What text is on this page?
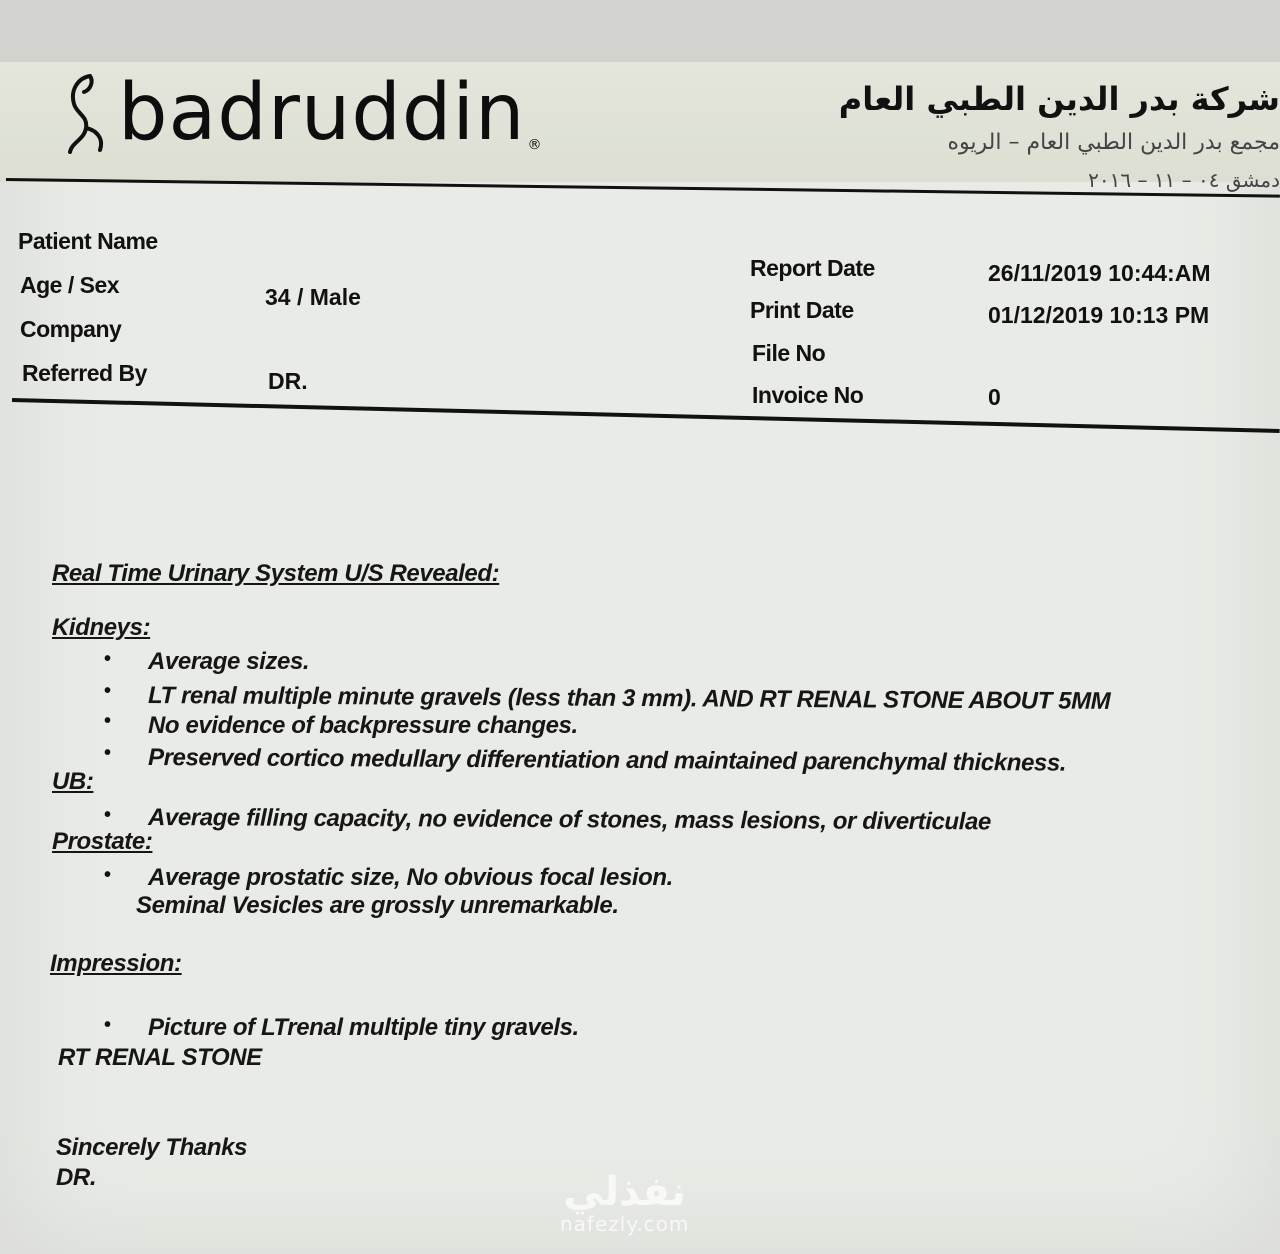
badruddin ®
شركة بدر الدين الطبي العام
مجمع بدر الدين الطبي العام – الريوه
دمشق ٠٤ – ١١ – ٢٠١٦
Patient Name
Age / Sex	34 / Male
Company
Referred By	DR.
Report Date	26/11/2019 10:44:AM
Print Date	01/12/2019 10:13 PM
File No
Invoice No	0
Real Time Urinary System U/S Revealed:
Kidneys:
• Average sizes.
• LT renal multiple minute gravels (less than 3 mm). AND RT RENAL STONE ABOUT 5MM
• No evidence of backpressure changes.
• Preserved cortico medullary differentiation and maintained parenchymal thickness.
UB:
• Average filling capacity, no evidence of stones, mass lesions, or diverticulae
Prostate:
• Average prostatic size, No obvious focal lesion.
Seminal Vesicles are grossly unremarkable.
Impression:
• Picture of LTrenal multiple tiny gravels.
RT RENAL STONE
Sincerely Thanks
DR.	نفذلي
nafezly.com
